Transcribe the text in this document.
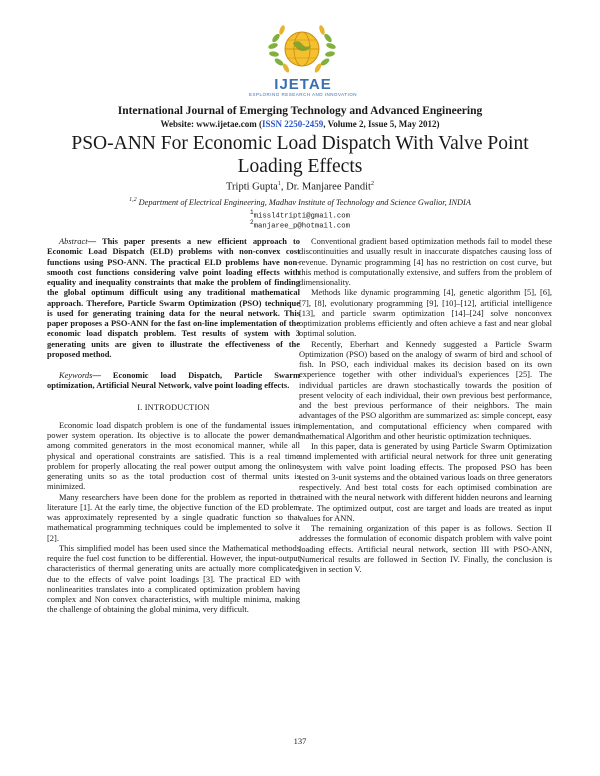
IJETAE
EXPLORING RESEARCH AND INNOVATION
International Journal of Emerging Technology and Advanced Engineering
Website: www.ijetae.com (ISSN 2250-2459, Volume 2, Issue 5, May 2012)
PSO-ANN For Economic Load Dispatch With Valve Point
Loading Effects
Tripti Gupta$^1$, Dr. Manjaree Pandit$^2$
$^{1,2}$ Department of Electrical Engineering, Madhav Institute of Technology and Science Gwalior, INDIA
$^1$missl4tripti@gmail.com
$^2$manjaree_p@hotmail.com

Abstract— This paper presents a new efficient approach to Economic Load Dispatch (ELD) problems with non-convex cost functions using PSO-ANN. The practical ELD problems have non-smooth cost functions considering valve point loading effects with equality and inequality constraints that make the problem of finding the global optimum difficult using any traditional mathematical approach. Therefore, Particle Swarm Optimization (PSO) technique is used for generating training data for the neural network. This paper proposes a PSO-ANN for the fast on-line implementation of the economic load dispatch problem. Test results of system with 3 generating units are given to illustrate the effectiveness of the proposed method.

Keywords— Economic load Dispatch, Particle Swarm optimization, Artificial Neural Network, valve point loading effects.

I. INTRODUCTION

Economic load dispatch problem is one of the fundamental issues in power system operation. Its objective is to allocate the power demand among commited generators in the most economical manner, while all physical and operational constraints are satisfied. This is a real time problem for properly allocating the real power output among the online generating units so as the total production cost of thermal units is minimized.

Many researchers have been done for the problem as reported in the literature [1]. At the early time, the objective function of the ED problem was approximately represented by a single quadratic function so that mathematical programming techniques could be implemented to solve it [2].

This simplified model has been used since the Mathematical methods require the fuel cost function to be differential. However, the input-output characteristics of thermal generating units are actually more complicated due to the effects of valve point loadings [3]. The practical ED with nonlinearities translates into a complicated optimization problem having complex and Non convex characteristics, with multiple minima, making the challenge of obtaining the global minima, very difficult.

Conventional gradient based optimization methods fail to model these discontinuities and usually result in inaccurate dispatches causing loss of revenue. Dynamic programming [4] has no restriction on cost curve, but this method is computationally extensive, and suffers from the problem of dimensionality.

Methods like dynamic programming [4], genetic algorithm [5], [6], [7], [8], evolutionary programming [9], [10]–[12], artificial intelligence [13], and particle swarm optimization [14]–[24] solve nonconvex optimization problems efficiently and often achieve a fast and near global optimal solution.

Recently, Eberhart and Kennedy suggested a Particle Swarm Optimization (PSO) based on the analogy of swarm of bird and school of fish. In PSO, each individual makes its decision based on its own experience together with other individual's experiences [25]. The individual particles are drawn stochastically towards the position of present velocity of each individual, their own previous best performance, and the best previous performance of their neighbors. The main advantages of the PSO algorithm are summarized as: simple concept, easy implementation, and computational efficiency when compared with mathematical Algorithm and other heuristic optimization techniques.

In this paper, data is generated by using Particle Swarm Optimization and implemented with artificial neural network for three unit generating system with valve point loading effects. The proposed PSO has been tested on 3-unit systems and the obtained various loads on three generators respectively. And best total costs for each optimised combination are trained with the neural network with different hidden neurons and learning rate. The optimized output, cost are target and loads are treated as input values for ANN.

The remaining organization of this paper is as follows. Section II addresses the formulation of economic dispatch problem with valve point loading effects. Artificial neural network, section III with PSO-ANN, Numerical results are followed in Section IV. Finally, the conclusion is given in section V.

137
